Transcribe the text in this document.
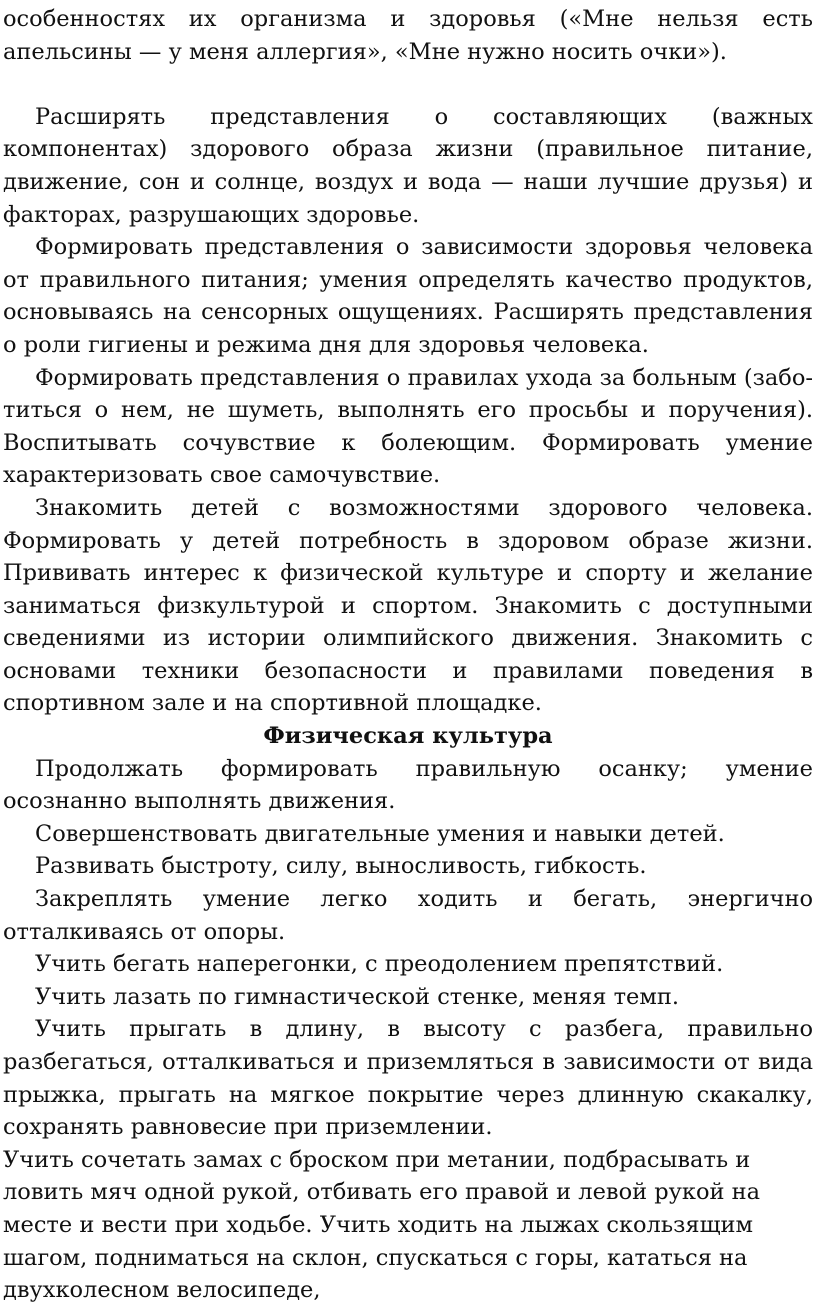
особенностях их организма и здоровья («Мне нельзя есть апельсины — у меня аллергия», «Мне нужно носить очки»).

Расширять представления о составляющих (важных компонентах) здорового образа жизни (правильное питание, движение, сон и солнце, воздух и вода — наши лучшие друзья) и факторах, разрушающих здоровье.

Формировать представления о зависимости здоровья человека от правильного питания; умения определять качество продуктов, основываясь на сенсорных ощущениях. Расширять представления о роли гигиены и режима дня для здоровья человека.

Формировать представления о правилах ухода за больным (заботиться о нем, не шуметь, выполнять его просьбы и поручения). Воспитывать сочувствие к болеющим. Формировать умение характеризовать свое самочувствие.

Знакомить детей с возможностями здорового человека. Формировать у детей потребность в здоровом образе жизни. Прививать интерес к физической культуре и спорту и желание заниматься физкультурой и спортом. Знакомить с доступными сведениями из истории олимпийского движения. Знакомить с основами техники безопасности и правилами поведения в спортивном зале и на спортивной площадке.

Физическая культура

Продолжать формировать правильную осанку; умение осознанно выполнять движения.

Совершенствовать двигательные умения и навыки детей.

Развивать быстроту, силу, выносливость, гибкость.

Закреплять умение легко ходить и бегать, энергично отталкиваясь от опоры.

Учить бегать наперегонки, с преодолением препятствий.

Учить лазать по гимнастической стенке, меняя темп.

Учить прыгать в длину, в высоту с разбега, правильно разбегаться, отталкиваться и приземляться в зависимости от вида прыжка, прыгать на мягкое покрытие через длинную скакалку, сохранять равновесие при приземлении.

Учить сочетать замах с броском при метании, подбрасывать и ловить мяч одной рукой, отбивать его правой и левой рукой на месте и вести при ходьбе. Учить ходить на лыжах скользящим шагом, подниматься на склон, спускаться с горы, кататься на двухколесном велосипеде,
